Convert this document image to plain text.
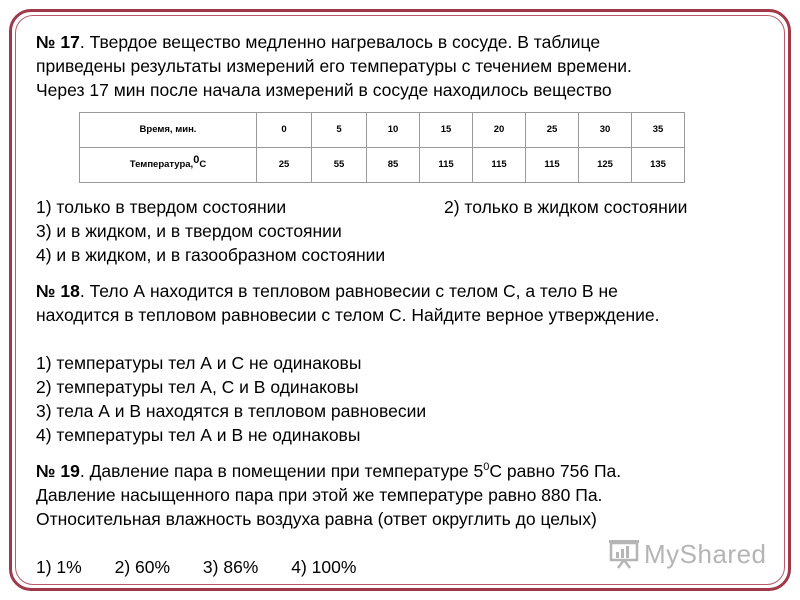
№ 17. Твердое вещество медленно нагревалось в сосуде. В таблице

приведены результаты измерений его температуры с течением времени.

Через 17 мин после начала измерений в сосуде находилось вещество

Время, мин.	0	5	10	15	20	25	30	35
Температура,$^0$С	25	55	85	115	115	115	125	135
1) только в твердом состоянии	2) только в жидком состоянии

3) и в жидком, и в твердом состоянии

4) и в жидком, и в газообразном состоянии

№ 18. Тело А находится в тепловом равновесии с телом С, а тело В не

находится в тепловом равновесии с телом С. Найдите верное утверждение.

1) температуры тел А и С не одинаковы

2) температуры тел А, С и В одинаковы

3) тела А и В находятся в тепловом равновесии

4) температуры тел А и В не одинаковы

№ 19. Давление пара в помещении при температуре $5^0С$ равно 756 Па.

Давление насыщенного пара при этой же температуре равно 880 Па.

Относительная влажность воздуха равна (ответ округлить до целых)

1) 1% 2) 60% 3) 86% 4) 100%	MyShared
